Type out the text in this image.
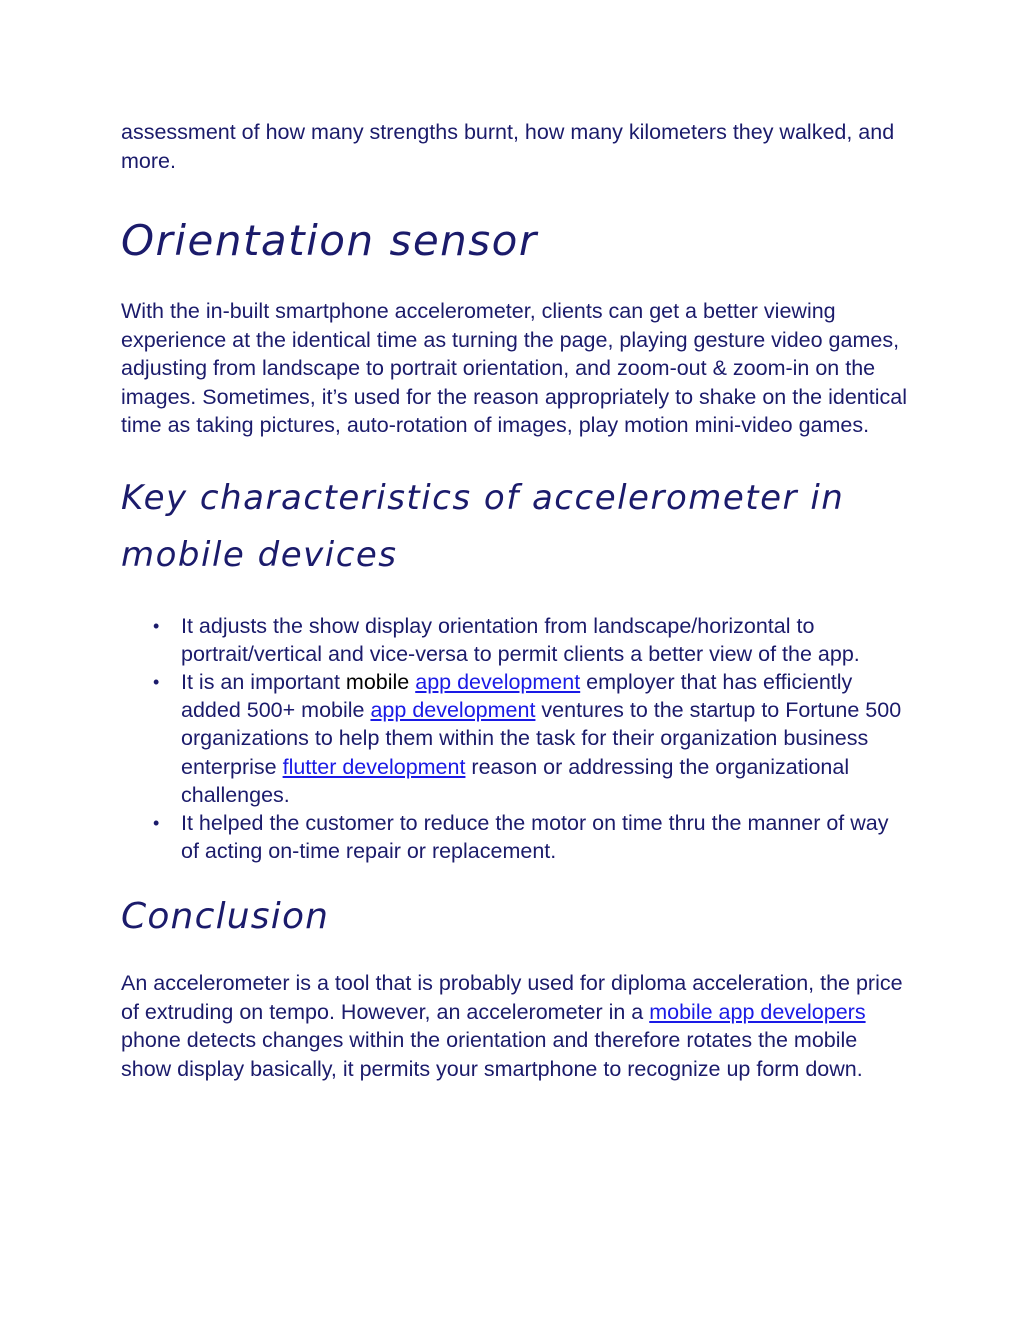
assessment of how many strengths burnt, how many kilometers they walked, and more.

Orientation sensor

With the in-built smartphone accelerometer, clients can get a better viewing experience at the identical time as turning the page, playing gesture video games, adjusting from landscape to portrait orientation, and zoom-out & zoom-in on the images. Sometimes, it’s used for the reason appropriately to shake on the identical time as taking pictures, auto-rotation of images, play motion mini-video games.

Key characteristics of accelerometer in mobile devices
• It adjusts the show display orientation from landscape/horizontal to portrait/vertical and vice-versa to permit clients a better view of the app.
• It is an important mobile app development employer that has efficiently added 500+ mobile app development ventures to the startup to Fortune 500 organizations to help them within the task for their organization business enterprise flutter development reason or addressing the organizational challenges.
• It helped the customer to reduce the motor on time thru the manner of way of acting on-time repair or replacement.
Conclusion

An accelerometer is a tool that is probably used for diploma acceleration, the price of extruding on tempo. However, an accelerometer in a mobile app developers phone detects changes within the orientation and therefore rotates the mobile show display basically, it permits your smartphone to recognize up form down.
